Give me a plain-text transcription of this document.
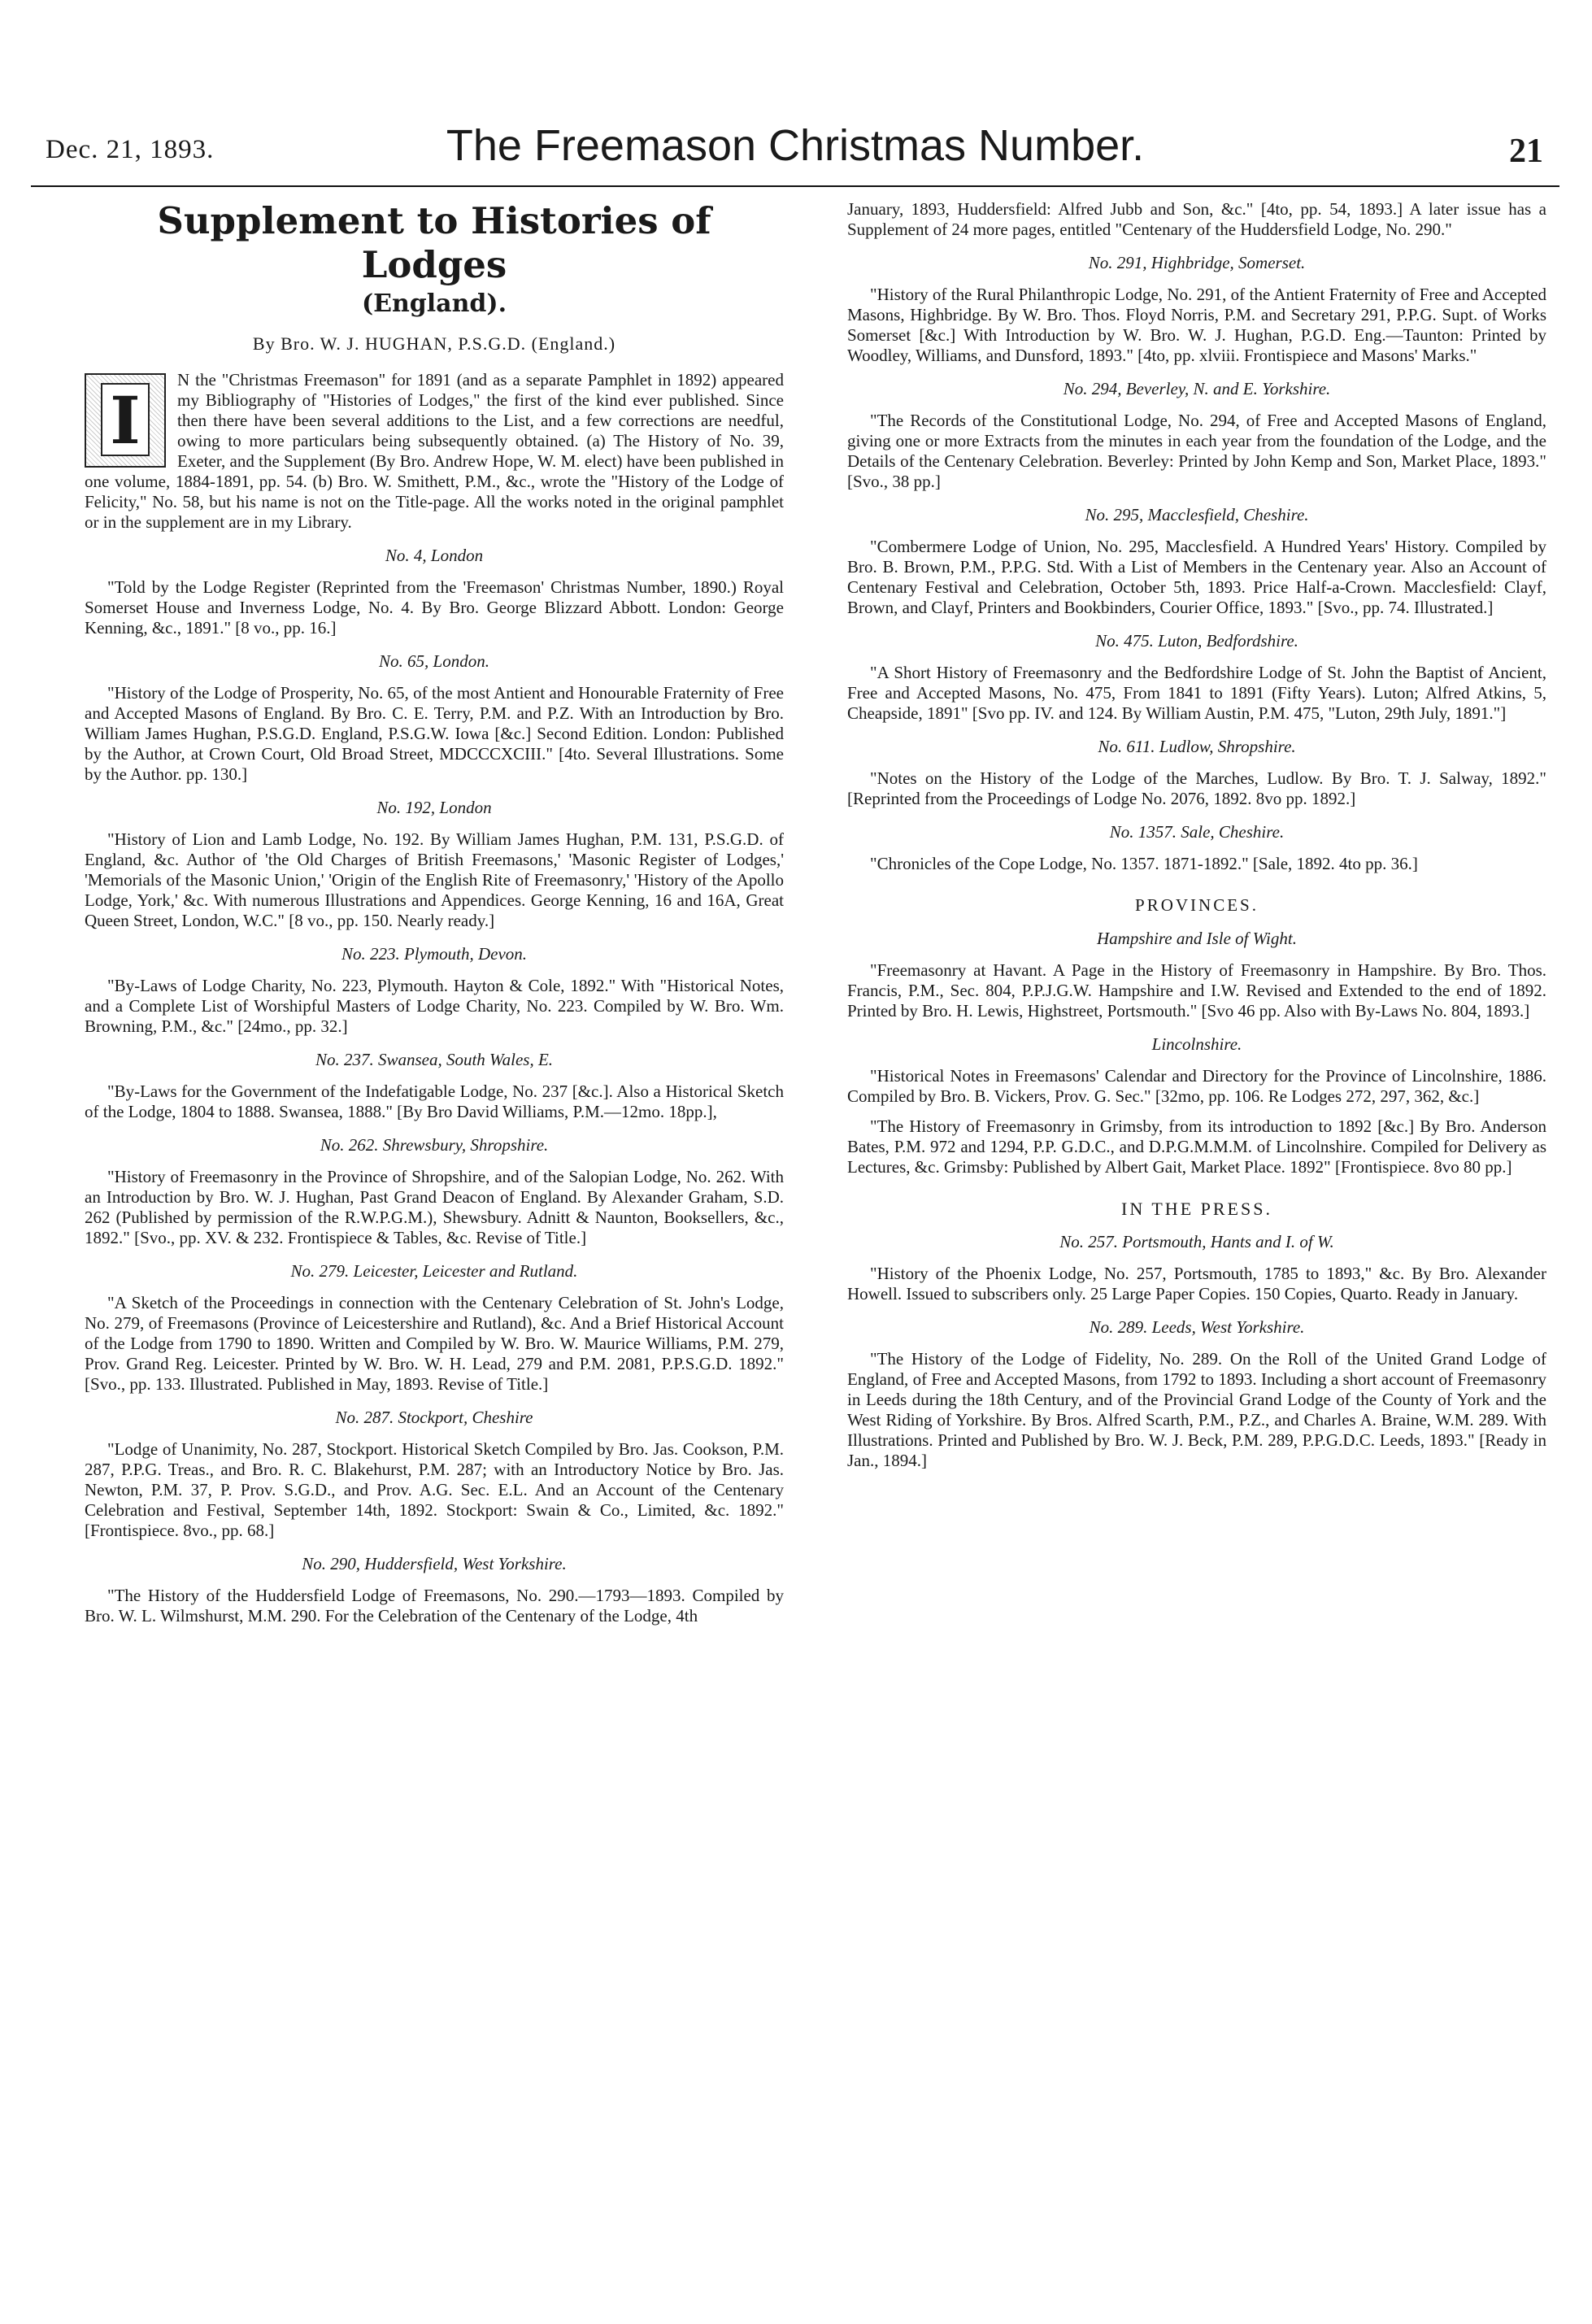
Dec. 21, 1893.	The Freemason Christmas Number.	21
Supplement to Histories of Lodges
(England).
By Bro. W. J. HUGHAN, P.S.G.D. (England.)
I

N the "Christmas Freemason" for 1891 (and as a separate Pamphlet in 1892) appeared my Bibliography of "Histories of Lodges," the first of the kind ever published. Since then there have been several additions to the List, and a few corrections are needful, owing to more particulars being subsequently obtained. (a) The History of No. 39, Exeter, and the Supplement (By Bro. Andrew Hope, W. M. elect) have been published in one volume, 1884-1891, pp. 54. (b) Bro. W. Smithett, P.M., &c., wrote the "History of the Lodge of Felicity," No. 58, but his name is not on the Title-page. All the works noted in the original pamphlet or in the supplement are in my Library.

No. 4, London

"Told by the Lodge Register (Reprinted from the 'Freemason' Christmas Number, 1890.) Royal Somerset House and Inverness Lodge, No. 4. By Bro. George Blizzard Abbott. London: George Kenning, &c., 1891." [8 vo., pp. 16.]

No. 65, London.

"History of the Lodge of Prosperity, No. 65, of the most Antient and Honourable Fraternity of Free and Accepted Masons of England. By Bro. C. E. Terry, P.M. and P.Z. With an Introduction by Bro. William James Hughan, P.S.G.D. England, P.S.G.W. Iowa [&c.] Second Edition. London: Published by the Author, at Crown Court, Old Broad Street, MDCCCXCIII." [4to. Several Illustrations. Some by the Author. pp. 130.]

No. 192, London

"History of Lion and Lamb Lodge, No. 192. By William James Hughan, P.M. 131, P.S.G.D. of England, &c. Author of 'the Old Charges of British Freemasons,' 'Masonic Register of Lodges,' 'Memorials of the Masonic Union,' 'Origin of the English Rite of Freemasonry,' 'History of the Apollo Lodge, York,' &c. With numerous Illustrations and Appendices. George Kenning, 16 and 16A, Great Queen Street, London, W.C." [8 vo., pp. 150. Nearly ready.]

No. 223. Plymouth, Devon.

"By-Laws of Lodge Charity, No. 223, Plymouth. Hayton & Cole, 1892." With "Historical Notes, and a Complete List of Worshipful Masters of Lodge Charity, No. 223. Compiled by W. Bro. Wm. Browning, P.M., &c." [24mo., pp. 32.]

No. 237. Swansea, South Wales, E.

"By-Laws for the Government of the Indefatigable Lodge, No. 237 [&c.]. Also a Historical Sketch of the Lodge, 1804 to 1888. Swansea, 1888." [By Bro David Williams, P.M.—12mo. 18pp.],

No. 262. Shrewsbury, Shropshire.

"History of Freemasonry in the Province of Shropshire, and of the Salopian Lodge, No. 262. With an Introduction by Bro. W. J. Hughan, Past Grand Deacon of England. By Alexander Graham, S.D. 262 (Published by permission of the R.W.P.G.M.), Shewsbury. Adnitt & Naunton, Booksellers, &c., 1892." [Svo., pp. XV. & 232. Frontispiece & Tables, &c. Revise of Title.]

No. 279. Leicester, Leicester and Rutland.

"A Sketch of the Proceedings in connection with the Centenary Celebration of St. John's Lodge, No. 279, of Freemasons (Province of Leicestershire and Rutland), &c. And a Brief Historical Account of the Lodge from 1790 to 1890. Written and Compiled by W. Bro. W. Maurice Williams, P.M. 279, Prov. Grand Reg. Leicester. Printed by W. Bro. W. H. Lead, 279 and P.M. 2081, P.P.S.G.D. 1892." [Svo., pp. 133. Illustrated. Published in May, 1893. Revise of Title.]

No. 287. Stockport, Cheshire

"Lodge of Unanimity, No. 287, Stockport. Historical Sketch Compiled by Bro. Jas. Cookson, P.M. 287, P.P.G. Treas., and Bro. R. C. Blakehurst, P.M. 287; with an Introductory Notice by Bro. Jas. Newton, P.M. 37, P. Prov. S.G.D., and Prov. A.G. Sec. E.L. And an Account of the Centenary Celebration and Festival, September 14th, 1892. Stockport: Swain & Co., Limited, &c. 1892." [Frontispiece. 8vo., pp. 68.]

No. 290, Huddersfield, West Yorkshire.

"The History of the Huddersfield Lodge of Freemasons, No. 290.—1793—1893. Compiled by Bro. W. L. Wilmshurst, M.M. 290. For the Celebration of the Centenary of the Lodge, 4th

January, 1893, Huddersfield: Alfred Jubb and Son, &c." [4to, pp. 54, 1893.] A later issue has a Supplement of 24 more pages, entitled "Centenary of the Huddersfield Lodge, No. 290."

No. 291, Highbridge, Somerset.

"History of the Rural Philanthropic Lodge, No. 291, of the Antient Fraternity of Free and Accepted Masons, Highbridge. By W. Bro. Thos. Floyd Norris, P.M. and Secretary 291, P.P.G. Supt. of Works Somerset [&c.] With Introduction by W. Bro. W. J. Hughan, P.G.D. Eng.—Taunton: Printed by Woodley, Williams, and Dunsford, 1893." [4to, pp. xlviii. Frontispiece and Masons' Marks."

No. 294, Beverley, N. and E. Yorkshire.

"The Records of the Constitutional Lodge, No. 294, of Free and Accepted Masons of England, giving one or more Extracts from the minutes in each year from the foundation of the Lodge, and the Details of the Centenary Celebration. Beverley: Printed by John Kemp and Son, Market Place, 1893." [Svo., 38 pp.]

No. 295, Macclesfield, Cheshire.

"Combermere Lodge of Union, No. 295, Macclesfield. A Hundred Years' History. Compiled by Bro. B. Brown, P.M., P.P.G. Std. With a List of Members in the Centenary year. Also an Account of Centenary Festival and Celebration, October 5th, 1893. Price Half-a-Crown. Macclesfield: Clayf, Brown, and Clayf, Printers and Bookbinders, Courier Office, 1893." [Svo., pp. 74. Illustrated.]

No. 475. Luton, Bedfordshire.

"A Short History of Freemasonry and the Bedfordshire Lodge of St. John the Baptist of Ancient, Free and Accepted Masons, No. 475, From 1841 to 1891 (Fifty Years). Luton; Alfred Atkins, 5, Cheapside, 1891" [Svo pp. IV. and 124. By William Austin, P.M. 475, "Luton, 29th July, 1891."]

No. 611. Ludlow, Shropshire.

"Notes on the History of the Lodge of the Marches, Ludlow. By Bro. T. J. Salway, 1892." [Reprinted from the Proceedings of Lodge No. 2076, 1892. 8vo pp. 1892.]

No. 1357. Sale, Cheshire.

"Chronicles of the Cope Lodge, No. 1357. 1871-1892." [Sale, 1892. 4to pp. 36.]

PROVINCES.
Hampshire and Isle of Wight.

"Freemasonry at Havant. A Page in the History of Freemasonry in Hampshire. By Bro. Thos. Francis, P.M., Sec. 804, P.P.J.G.W. Hampshire and I.W. Revised and Extended to the end of 1892. Printed by Bro. H. Lewis, Highstreet, Portsmouth." [Svo 46 pp. Also with By-Laws No. 804, 1893.]

Lincolnshire.

"Historical Notes in Freemasons' Calendar and Directory for the Province of Lincolnshire, 1886. Compiled by Bro. B. Vickers, Prov. G. Sec." [32mo, pp. 106. Re Lodges 272, 297, 362, &c.]

"The History of Freemasonry in Grimsby, from its introduction to 1892 [&c.] By Bro. Anderson Bates, P.M. 972 and 1294, P.P. G.D.C., and D.P.G.M.M.M. of Lincolnshire. Compiled for Delivery as Lectures, &c. Grimsby: Published by Albert Gait, Market Place. 1892" [Frontispiece. 8vo 80 pp.]

IN THE PRESS.
No. 257. Portsmouth, Hants and I. of W.

"History of the Phoenix Lodge, No. 257, Portsmouth, 1785 to 1893," &c. By Bro. Alexander Howell. Issued to subscribers only. 25 Large Paper Copies. 150 Copies, Quarto. Ready in January.

No. 289. Leeds, West Yorkshire.

"The History of the Lodge of Fidelity, No. 289. On the Roll of the United Grand Lodge of England, of Free and Accepted Masons, from 1792 to 1893. Including a short account of Freemasonry in Leeds during the 18th Century, and of the Provincial Grand Lodge of the County of York and the West Riding of Yorkshire. By Bros. Alfred Scarth, P.M., P.Z., and Charles A. Braine, W.M. 289. With Illustrations. Printed and Published by Bro. W. J. Beck, P.M. 289, P.P.G.D.C. Leeds, 1893." [Ready in Jan., 1894.]
